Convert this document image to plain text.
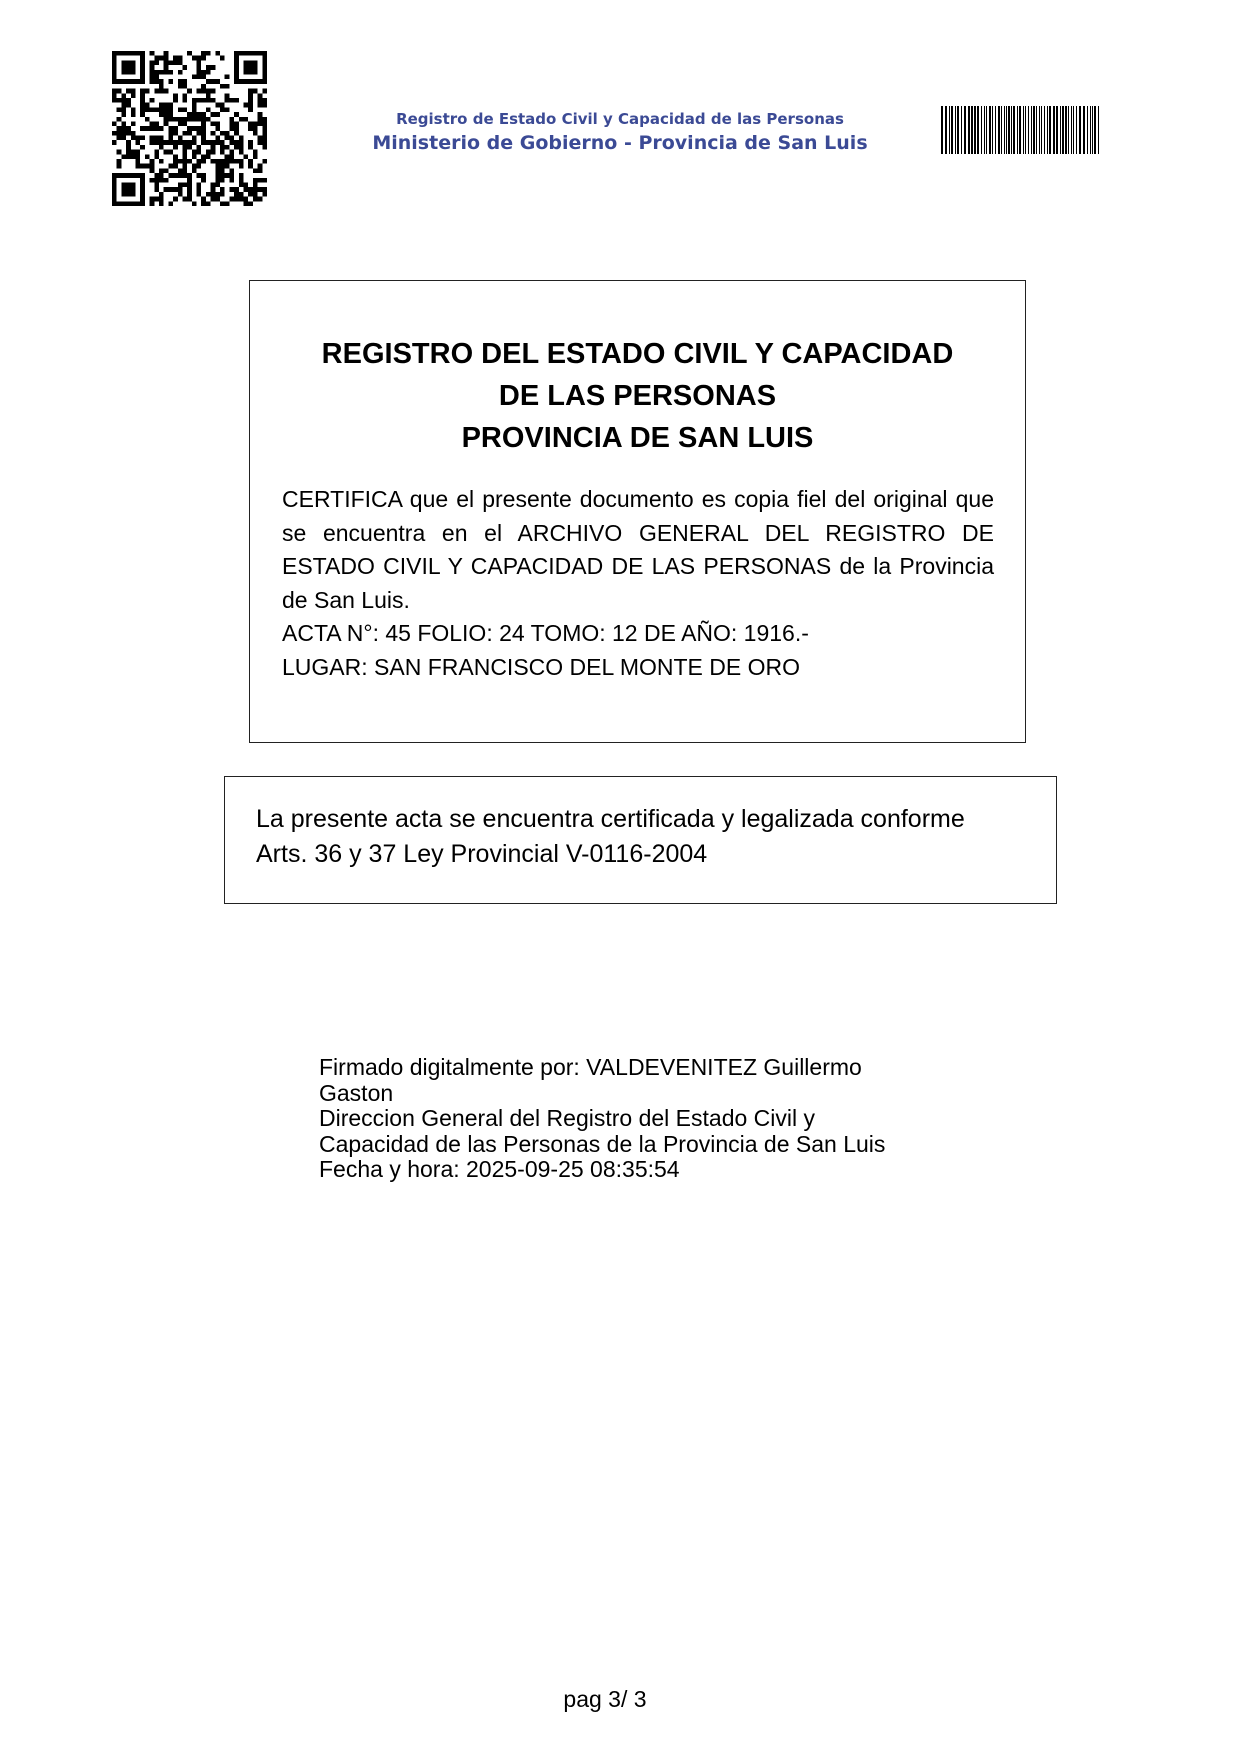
Registro de Estado Civil y Capacidad de las Personas
Ministerio de Gobierno - Provincia de San Luis
REGISTRO DEL ESTADO CIVIL Y CAPACIDAD
DE LAS PERSONAS
PROVINCIA DE SAN LUIS

CERTIFICA que el presente documento es copia fiel del original que se encuentra en el ARCHIVO GENERAL DEL REGISTRO DE ESTADO CIVIL Y CAPACIDAD DE LAS PERSONAS de la Provincia de San Luis.

ACTA N°: 45 FOLIO: 24 TOMO: 12 DE AÑO: 1916.-

LUGAR: SAN FRANCISCO DEL MONTE DE ORO

La presente acta se encuentra certificada y legalizada conforme
Arts. 36 y 37 Ley Provincial V-0116-2004
Firmado digitalmente por: VALDEVENITEZ Guillermo
Gaston
Direccion General del Registro del Estado Civil y
Capacidad de las Personas de la Provincia de San Luis
Fecha y hora: 2025-09-25 08:35:54
pag 3/ 3
